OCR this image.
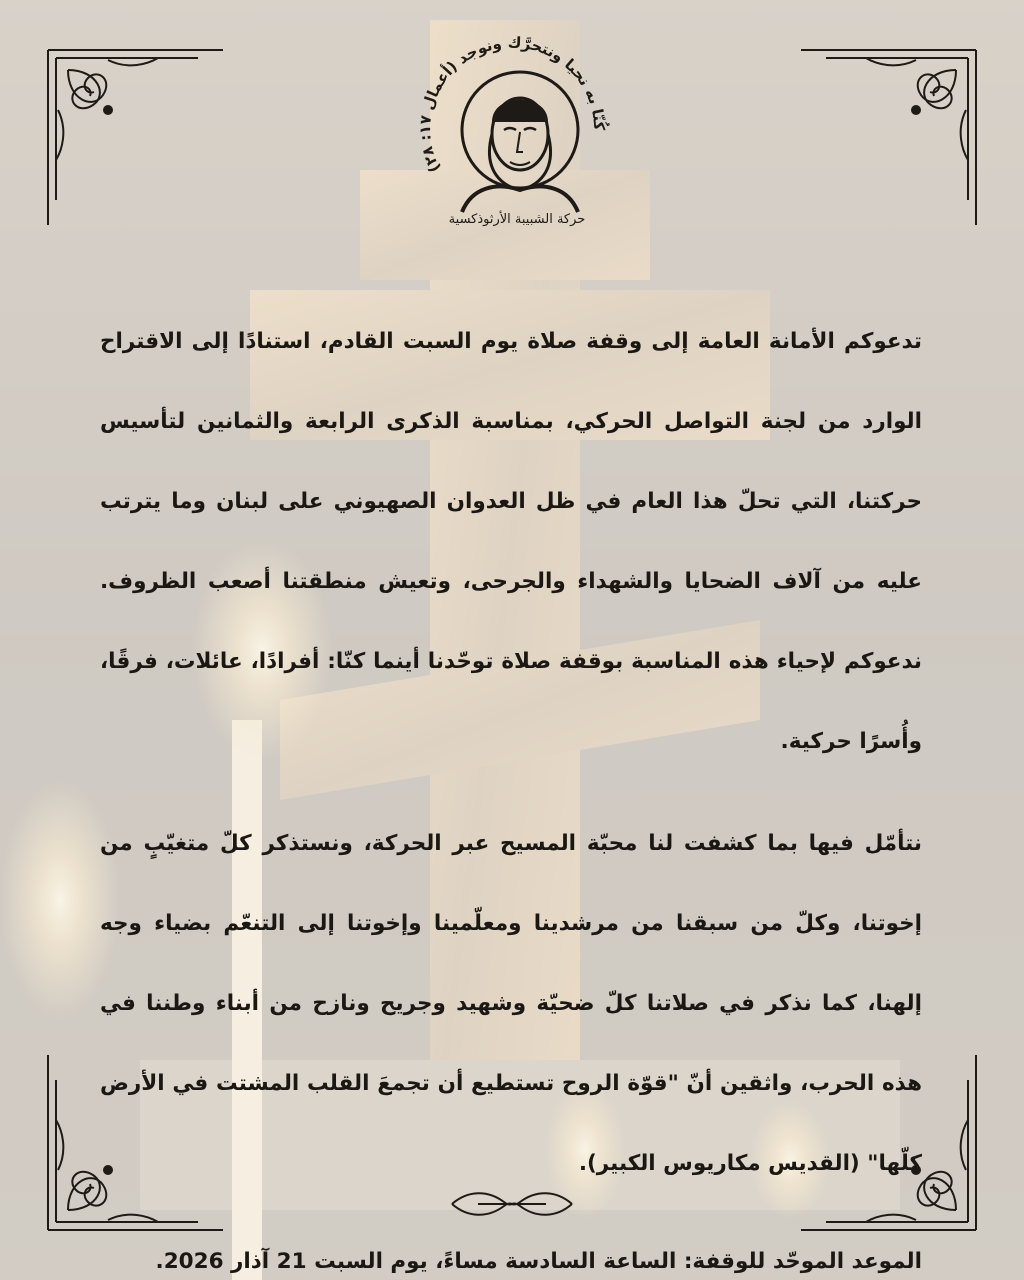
كُنّا به نحيا ونتحرَّك ونوجد (أعمال ١٧: ٢٨)
حركة الشبيبة الأرثوذكسية

تدعوكم الأمانة العامة إلى وقفة صلاة يوم السبت القادم، استنادًا إلى الاقتراح الوارد من لجنة التواصل الحركي، بمناسبة الذكرى الرابعة والثمانين لتأسيس حركتنا، التي تحلّ هذا العام في ظل العدوان الصهيوني على لبنان وما يترتب عليه من آلاف الضحايا والشهداء والجرحى، وتعيش منطقتنا أصعب الظروف. ندعوكم لإحياء هذه المناسبة بوقفة صلاة توحّدنا أينما كنّا: أفرادًا، عائلات، فرقًا، وأُسرًا حركية.

نتأمّل فيها بما كشفت لنا محبّة المسيح عبر الحركة، ونستذكر كلّ متغيّبٍ من إخوتنا، وكلّ من سبقنا من مرشدينا ومعلّمينا وإخوتنا إلى التنعّم بضياء وجه إلهنا، كما نذكر في صلاتنا كلّ ضحيّة وشهيد وجريح ونازح من أبناء وطننا في هذه الحرب، واثقين أنّ "قوّة الروح تستطيع أن تجمعَ القلب المشتت في الأرض كلّها" (القديس مكاريوس الكبير).

الموعد الموحّد للوقفة: الساعة السادسة مساءً، يوم السبت 21 آذار 2026.
